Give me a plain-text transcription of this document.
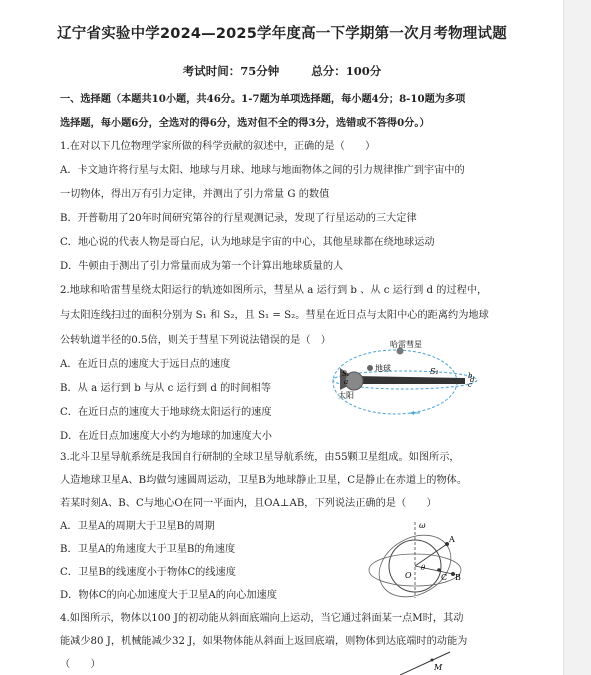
辽宁省实验中学2024—2025学年度高一下学期第一次月考物理试题
考试时间：75分钟	总分：100分
一、选择题（本题共10小题，共46分。1-7题为单项选择题，每小题4分；8-10题为多项
选择题，每小题6分，全选对的得6分，选对但不全的得3分，选错或不答得0分。）
1.在对以下几位物理学家所做的科学贡献的叙述中，正确的是（　　）
A．卡文迪许将行星与太阳、地球与月球、地球与地面物体之间的引力规律推广到宇宙中的
一切物体，得出万有引力定律，并测出了引力常量 G 的数值
B．开普勒用了20年时间研究第谷的行星观测记录，发现了行星运动的三大定律
C．地心说的代表人物是哥白尼，认为地球是宇宙的中心，其他星球都在绕地球运动
D．牛顿由于测出了引力常量而成为第一个计算出地球质量的人
2.地球和哈雷彗星绕太阳运行的轨迹如图所示，彗星从 a 运行到 b 、从 c 运行到 d 的过程中，
与太阳连线扫过的面积分别为 S₁ 和 S₂，且 S₁ = S₂。彗星在近日点与太阳中心的距离约为地球
公转轨道半径的0.5倍，则关于彗星下列说法错误的是（　）
A．在近日点的速度大于远日点的速度
B．从 a 运行到 b 与从 c 运行到 d 的时间相等
C．在近日点的速度大于地球绕太阳运行的速度
D．在近日点加速度大小约为地球的加速度大小
地球
哈雷彗星
太阳
S₁
S₂	b
c
d
a
3.北斗卫星导航系统是我国自行研制的全球卫星导航系统，由55颗卫星组成。如图所示，
人造地球卫星A、B均做匀速圆周运动，卫星B为地球静止卫星，C是静止在赤道上的物体。
若某时刻A、B、C与地心O在同一平面内，且OA⊥AB，下列说法正确的是（　　）
A．卫星A的周期大于卫星B的周期
B．卫星A的角速度大于卫星B的角速度
C．卫星B的线速度小于物体C的线速度
D．物体C的向心加速度大于卫星A的向心加速度
ω
A
B
C
O
θ
4.如图所示，物体以100 J的初动能从斜面底端向上运动，当它通过斜面某一点M时，其动
能减少80 J，机械能减少32 J，如果物体能从斜面上返回底端，则物体到达底端时的动能为
（　　）	M
